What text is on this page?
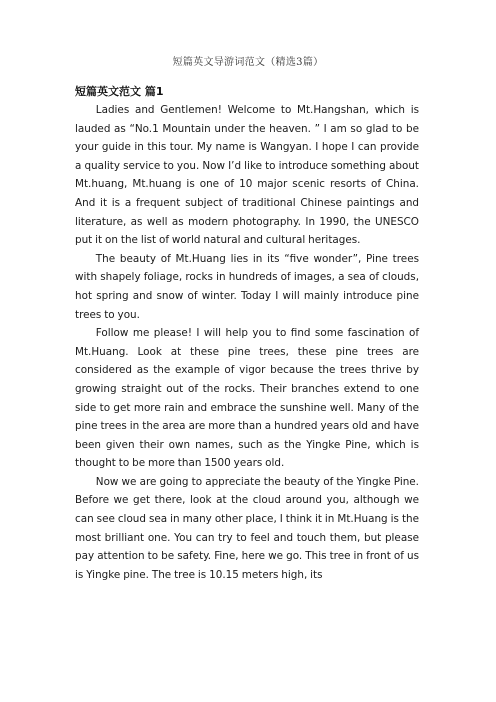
短篇英文导游词范文（精选3篇）
短篇英文范文 篇1

Ladies and Gentlemen! Welcome to Mt.Hangshan, which is lauded as “No.1 Mountain under the heaven. ” I am so glad to be your guide in this tour. My name is Wangyan. I hope I can provide a quality service to you. Now I’d like to introduce something about Mt.huang, Mt.huang is one of 10 major scenic resorts of China. And it is a frequent subject of traditional Chinese paintings and literature, as well as modern photography. In 1990, the UNESCO put it on the list of world natural and cultural heritages.

The beauty of Mt.Huang lies in its “five wonder”, Pine trees with shapely foliage, rocks in hundreds of images, a sea of clouds, hot spring and snow of winter. Today I will mainly introduce pine trees to you.

Follow me please! I will help you to find some fascination of Mt.Huang. Look at these pine trees, these pine trees are considered as the example of vigor because the trees thrive by growing straight out of the rocks. Their branches extend to one side to get more rain and embrace the sunshine well. Many of the pine trees in the area are more than a hundred years old and have been given their own names, such as the Yingke Pine, which is thought to be more than 1500 years old.

Now we are going to appreciate the beauty of the Yingke Pine. Before we get there, look at the cloud around you, although we can see cloud sea in many other place, I think it in Mt.Huang is the most brilliant one. You can try to feel and touch them, but please pay attention to be safety. Fine, here we go. This tree in front of us is Yingke pine. The tree is 10.15 meters high, its
